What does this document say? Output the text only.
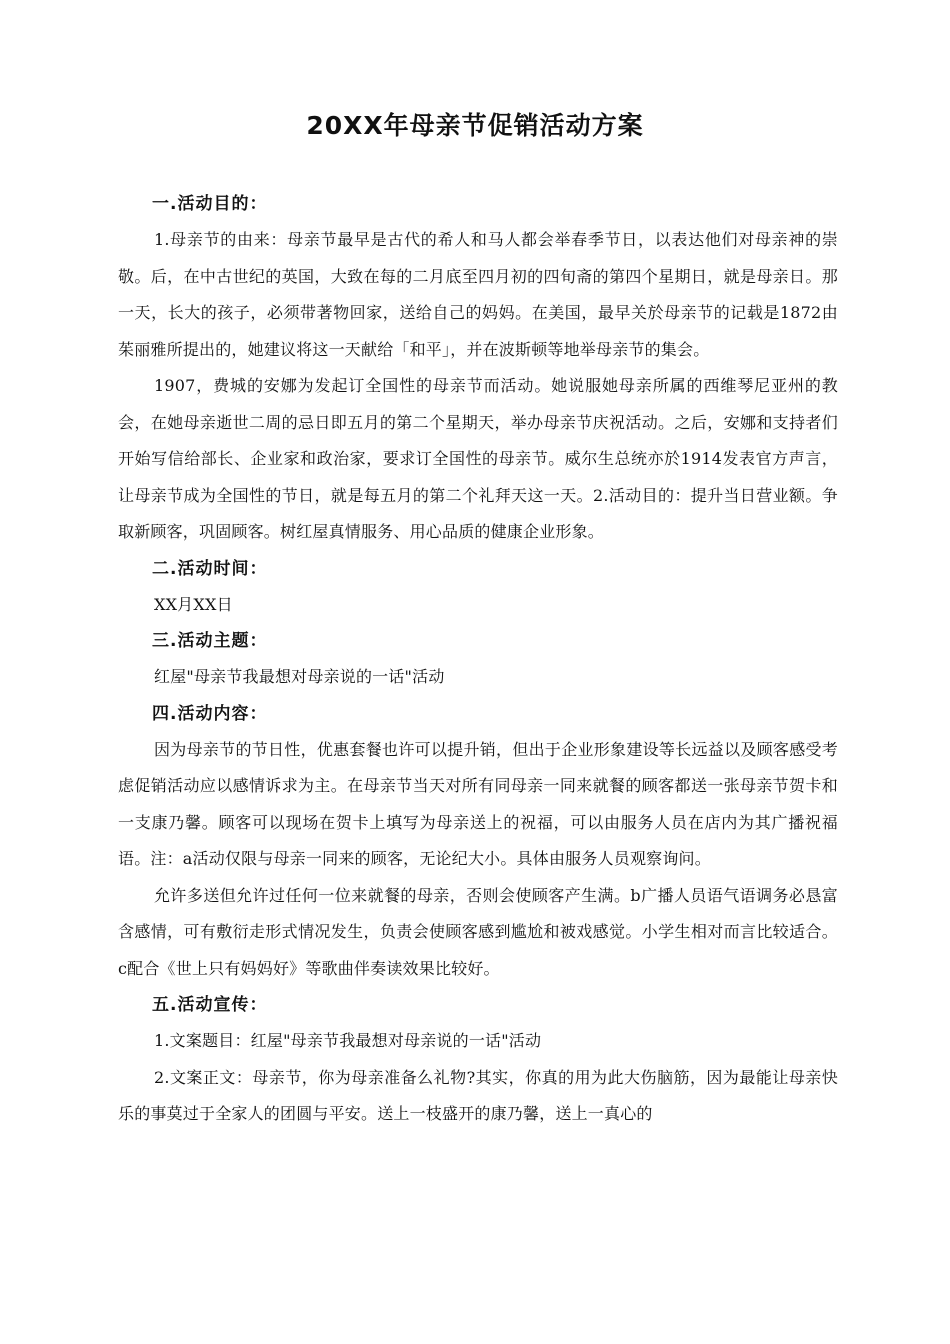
20XX年母亲节促销活动方案
一.活动目的：

1.母亲节的由来：母亲节最早是古代的希人和马人都会举春季节日，以表达他们对母亲神的崇敬。后，在中古世纪的英国，大致在每的二月底至四月初的四旬斋的第四个星期日，就是母亲日。那一天，长大的孩子，必须带著物回家，送给自己的妈妈。在美国，最早关於母亲节的记载是1872由茱丽雅所提出的，她建议将这一天献给「和平」，并在波斯顿等地举母亲节的集会。

1907，费城的安娜为发起订全国性的母亲节而活动。她说服她母亲所属的西维琴尼亚州的教会，在她母亲逝世二周的忌日即五月的第二个星期天，举办母亲节庆祝活动。之后，安娜和支持者们开始写信给部长、企业家和政治家，要求订全国性的母亲节。威尔生总统亦於1914发表官方声言，让母亲节成为全国性的节日，就是每五月的第二个礼拜天这一天。2.活动目的：提升当日营业额。争取新顾客，巩固顾客。树红屋真情服务、用心品质的健康企业形象。

二.活动时间：

XX月XX日

三.活动主题：

红屋"母亲节我最想对母亲说的一话"活动

四.活动内容：

因为母亲节的节日性，优惠套餐也许可以提升销，但出于企业形象建设等长远益以及顾客感受考虑促销活动应以感情诉求为主。在母亲节当天对所有同母亲一同来就餐的顾客都送一张母亲节贺卡和一支康乃馨。顾客可以现场在贺卡上填写为母亲送上的祝福，可以由服务人员在店内为其广播祝福语。注：a活动仅限与母亲一同来的顾客，无论纪大小。具体由服务人员观察询问。

允许多送但允许过任何一位来就餐的母亲，否则会使顾客产生满。b广播人员语气语调务必恳富含感情，可有敷衍走形式情况发生，负责会使顾客感到尴尬和被戏感觉。小学生相对而言比较适合。c配合《世上只有妈妈好》等歌曲伴奏读效果比较好。

五.活动宣传：

1.文案题目：红屋"母亲节我最想对母亲说的一话"活动

2.文案正文：母亲节，你为母亲准备么礼物?其实，你真的用为此大伤脑筋，因为最能让母亲快乐的事莫过于全家人的团圆与平安。送上一枝盛开的康乃馨，送上一真心的
